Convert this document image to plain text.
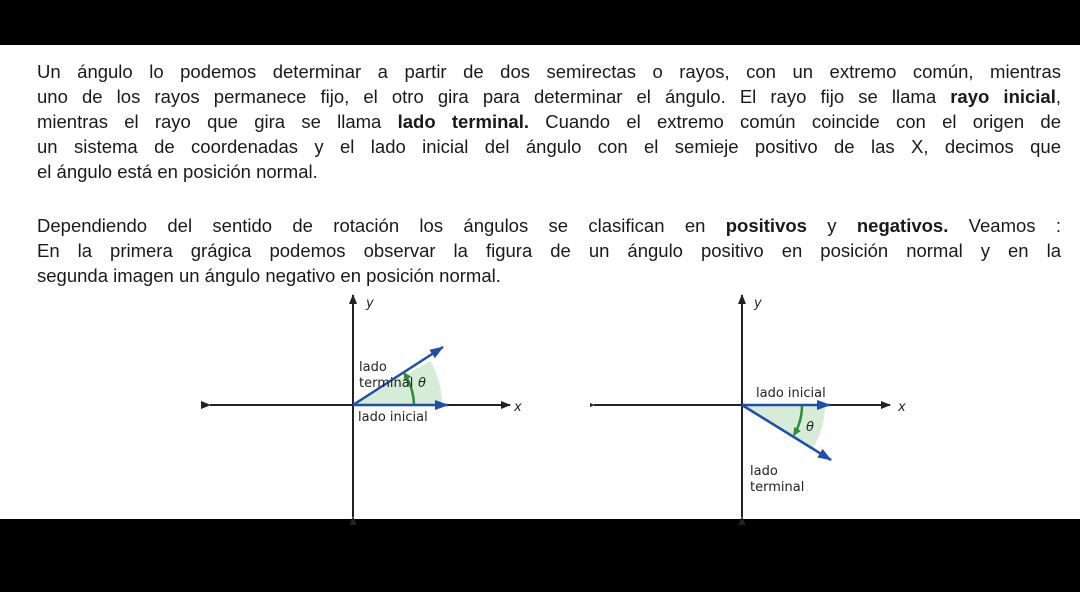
Un ángulo lo podemos determinar a partir de dos semirectas o rayos, con un extremo común, mientras
uno de los rayos permanece fijo, el otro gira para determinar el ángulo. El rayo fijo se llama rayo inicial,
mientras el rayo que gira se llama lado terminal. Cuando el extremo común coincide con el origen de
un sistema de coordenadas y el lado inicial del ángulo con el semieje positivo de las X, decimos que
el ángulo está en posición normal.
Dependiendo del sentido de rotación los ángulos se clasifican en positivos y negativos. Veamos :
En la primera grágica podemos observar la figura de un ángulo positivo en posición normal y en la
segunda imagen un ángulo negativo en posición normal.
y
x
lado
terminal
lado inicial
θ
y
x
lado inicial
θ
lado
terminal
